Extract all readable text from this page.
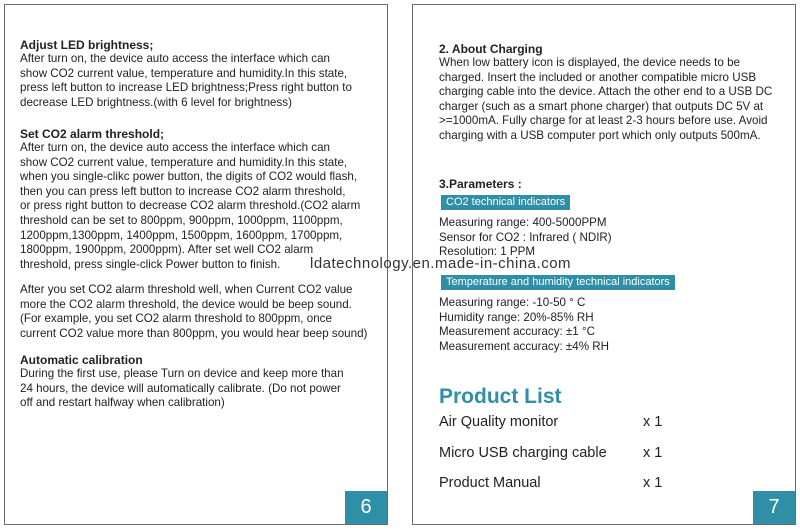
Adjust LED brightness;
After turn on, the device auto access the interface which can
show CO2 current value, temperature and humidity.In this state,
press left button to increase LED brightness;Press right button to
decrease LED brightness.(with 6 level for brightness)
Set CO2 alarm threshold;
After turn on, the device auto access the interface which can
show CO2 current value, temperature and humidity.In this state,
when you single-clikc power button, the digits of CO2 would flash,
then you can press left button to increase CO2 alarm threshold,
or press right button to decrease CO2 alarm threshold.(CO2 alarm
threshold can be set to 800ppm, 900ppm, 1000ppm, 1100ppm,
1200ppm,1300ppm, 1400ppm, 1500ppm, 1600ppm, 1700ppm,
1800ppm, 1900ppm, 2000ppm). After set well CO2 alarm
threshold, press single-click Power button to finish.
After you set CO2 alarm threshold well, when Current CO2 value
more the CO2 alarm threshold, the device would be beep sound.
(For example, you set CO2 alarm threshold to 800ppm, once
current CO2 value more than 800ppm, you would hear beep sound)
Automatic calibration
During the first use, please Turn on device and keep more than
24 hours, the device will automatically calibrate. (Do not power
off and restart halfway when calibration)
6
2. About Charging
When low battery icon is displayed, the device needs to be
charged. Insert the included or another compatible micro USB
charging cable into the device. Attach the other end to a USB DC
charger (such as a smart phone charger) that outputs DC 5V at
>=1000mA. Fully charge for at least 2-3 hours before use. Avoid
charging with a USB computer port which only outputs 500mA.
3.Parameters :
CO2 technical indicators
Measuring range: 400-5000PPM
Sensor for CO2 : Infrared ( NDIR)
Resolution: 1 PPM
Temperature and humidity technical indicators
Measuring range: -10-50 ° C
Humidity range: 20%-85% RH
Measurement accuracy: ±1 °C
Measurement accuracy: ±4% RH
Product List
Air Quality monitor	x 1
Micro USB charging cable	x 1
Product Manual	x 1
7
ldatechnology.en.made-in-china.com
